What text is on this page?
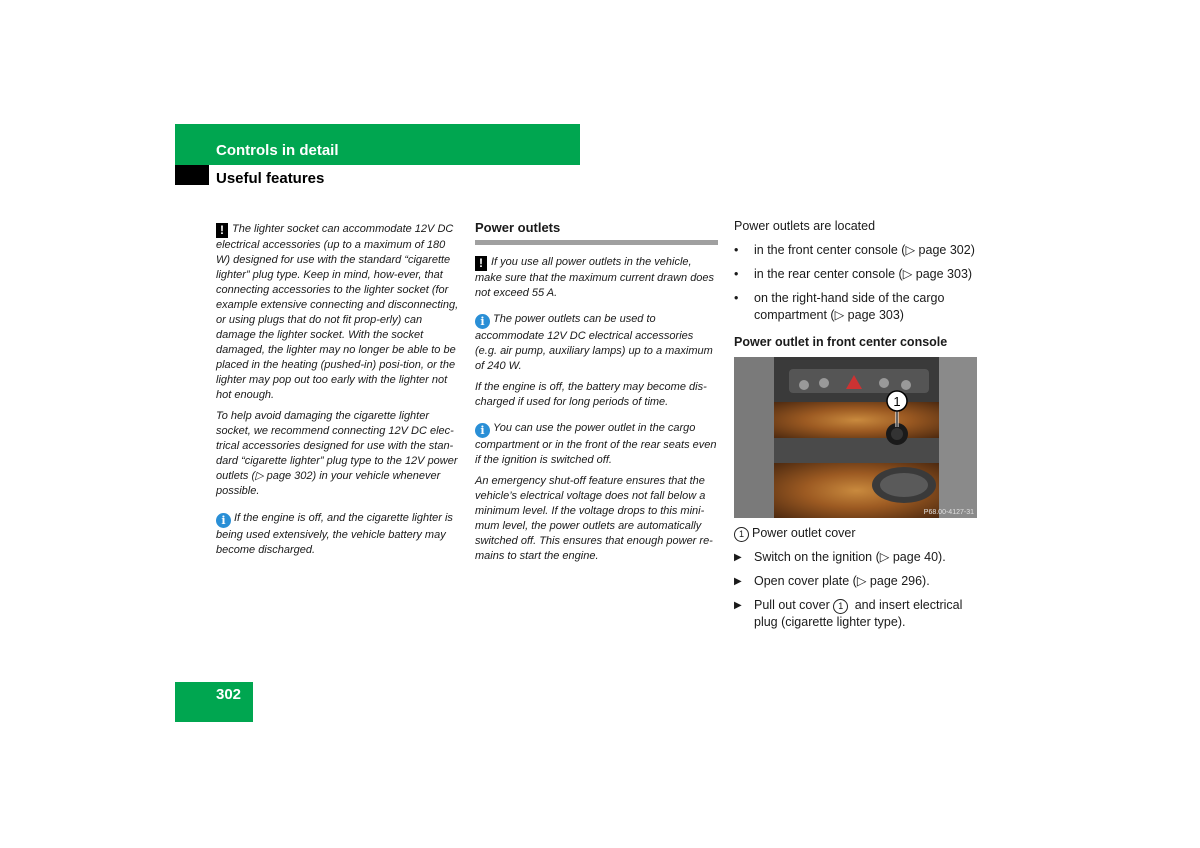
Controls in detail
Useful features

! The lighter socket can accommodate 12V DC electrical accessories (up to a maximum of 180 W) designed for use with the standard “cigarette lighter” plug type. Keep in mind, how-ever, that connecting accessories to the lighter socket (for example extensive connecting and disconnecting, or using plugs that do not fit prop-erly) can damage the lighter socket. With the socket damaged, the lighter may no longer be able to be placed in the heating (pushed-in) posi-tion, or the lighter may pop out too early with the lighter not hot enough.

To help avoid damaging the cigarette lighter socket, we recommend connecting 12V DC elec-trical accessories designed for use with the stan-dard “cigarette lighter” plug type to the 12V power outlets (▷ page 302) in your vehicle whenever possible.

i If the engine is off, and the cigarette lighter is being used extensively, the vehicle battery may become discharged.

Power outlets

! If you use all power outlets in the vehicle, make sure that the maximum current drawn does not exceed 55 A.

i The power outlets can be used to accommodate 12V DC electrical accessories (e.g. air pump, auxiliary lamps) up to a maximum of 240 W.

If the engine is off, the battery may become dis-charged if used for long periods of time.

i You can use the power outlet in the cargo compartment or in the front of the rear seats even if the ignition is switched off.

An emergency shut-off feature ensures that the vehicle’s electrical voltage does not fall below a minimum level. If the voltage drops to this mini-mum level, the power outlets are automatically switched off. This ensures that enough power re-mains to start the engine.

Power outlets are located

• in the front center console (▷ page 302)
• in the rear center console (▷ page 303)
• on the right-hand side of the cargo compartment (▷ page 303)
Power outlet in front center console
1
P68.00-4127-31

1 Power outlet cover

▶ Switch on the ignition (▷ page 40).
▶ Open cover plate (▷ page 296).
▶ Pull out cover 1 and insert electrical plug (cigarette lighter type).
302
